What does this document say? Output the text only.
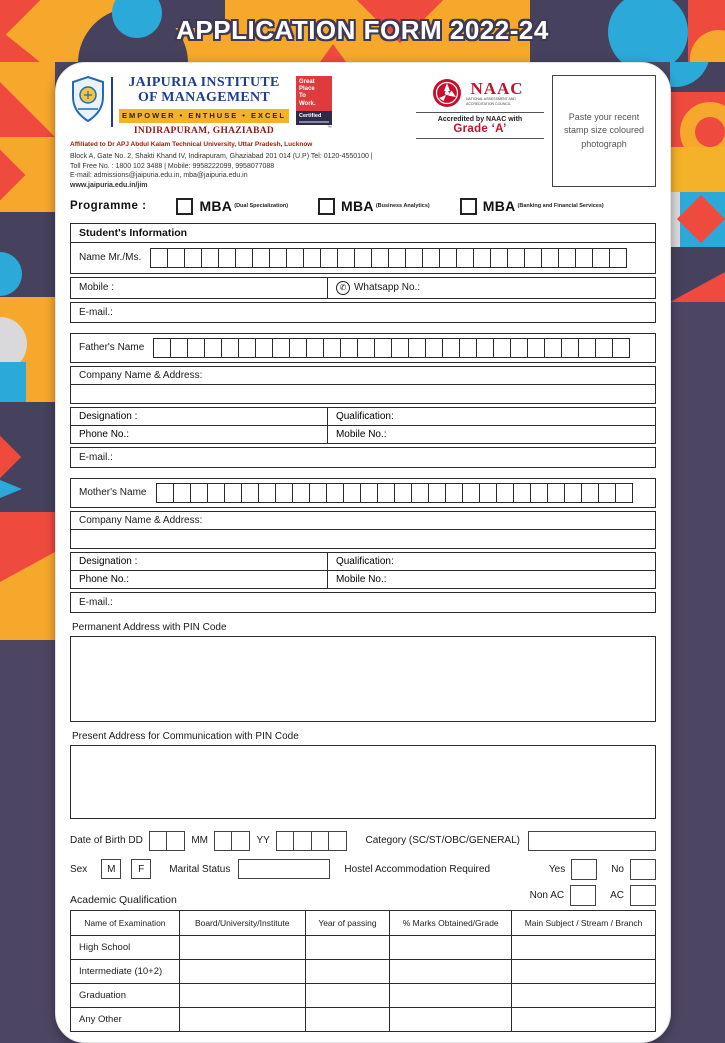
APPLICATION FORM 2022-24
JAIPURIA INSTITUTE
OF MANAGEMENT
EMPOWER • ENTHUSE • EXCEL
INDIRAPURAM, GHAZIABAD
Great
Place
To
Work.
Certified
™
Affiliated to Dr APJ Abdul Kalam Technical University, Uttar Pradesh, Lucknow
Block A, Gate No. 2, Shakti Khand IV, Indirapuram, Ghaziabad 201 014 (U.P) Tel: 0120-4550100 |
Toll Free No. : 1800 102 3488 | Mobile: 9958222099, 9958077088
E-mail: admissions@jaipuria.edu.in, mba@jaipuria.edu.in
www.jaipuria.edu.in/jim
NAAC
NATIONAL ASSESSMENT AND ACCREDITATION COUNCIL
Accredited by NAAC with
Grade ‘A’
Paste your recent stamp size coloured photograph
Programme :	MBA (Dual Specialization)	MBA (Business Analytics)	MBA (Banking and Financial Services)
Student's Information
Name Mr./Ms.
Mobile :	✆ Whatsapp No.:
E-mail.:
Father's Name
Company Name & Address:
Designation :	Qualification:
Phone No.:	Mobile No.:
E-mail.:
Mother's Name
Company Name & Address:
Designation :	Qualification:
Phone No.:	Mobile No.:
E-mail.:
Permanent Address with PIN Code
Present Address for Communication with PIN Code
Date of Birth DD	MM	YY	Category (SC/ST/OBC/GENERAL)
Sex	M	F	Marital Status	Hostel Accommodation Required	Yes	No
Academic Qualification	Non AC	AC
Name of Examination	Board/University/Institute	Year of passing	% Marks Obtained/Grade	Main Subject / Stream / Branch
High School				
Intermediate (10+2)				
Graduation				
Any Other				
